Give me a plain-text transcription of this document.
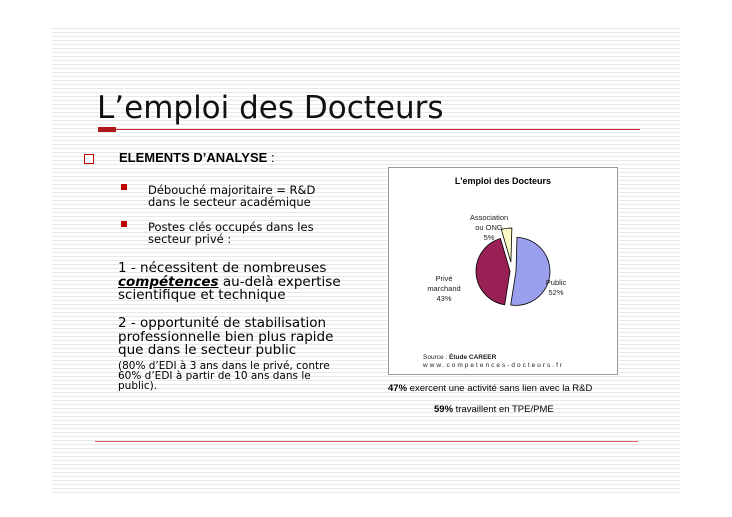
L’emploi des Docteurs
ELEMENTS D’ANALYSE :
Débouché majoritaire = R&D
dans le secteur académique
Postes clés occupés dans les
secteur privé :
1 - nécessitent de nombreuses
compétences au-delà expertise
scientifique et technique
2 - opportunité de stabilisation
professionnelle bien plus rapide
que dans le secteur public
(80% d’EDI à 3 ans dans le privé, contre
60% d’EDI à partir de 10 ans dans le
public).
L'emploi des Docteurs
Association
ou ONG
5%
Privé
marchand
43%
Public
52%
Source : Étude CAREER
www.competences-docteurs.fr
47% exercent une activité sans lien avec la R&D
59% travaillent en TPE/PME
